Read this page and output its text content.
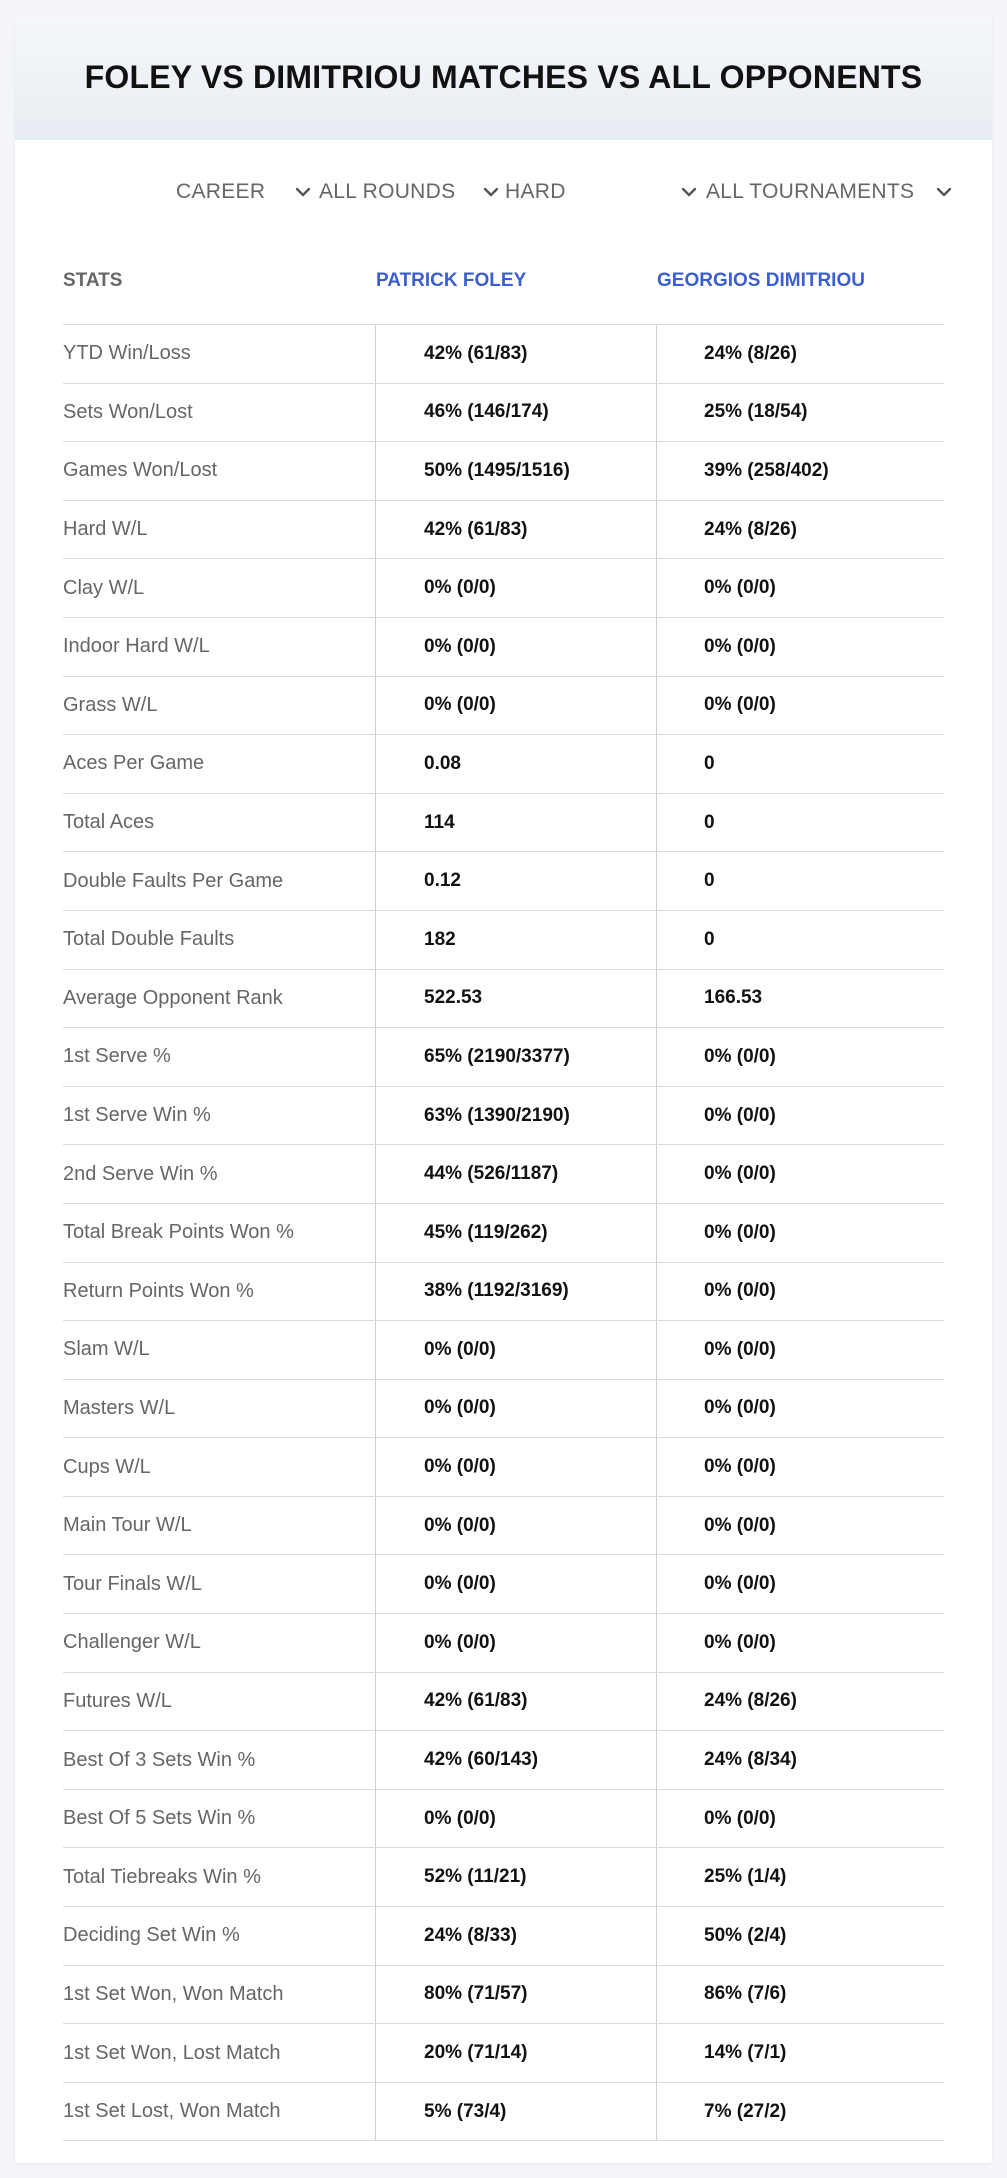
FOLEY VS DIMITRIOU MATCHES VS ALL OPPONENTS
CAREER	ALL ROUNDS HARD	ALL TOURNAMENTS
STATS	PATRICK FOLEY	GEORGIOS DIMITRIOU
YTD Win/Loss	42% (61/83)	24% (8/26)
Sets Won/Lost	46% (146/174)	25% (18/54)
Games Won/Lost	50% (1495/1516)	39% (258/402)
Hard W/L	42% (61/83)	24% (8/26)
Clay W/L	0% (0/0)	0% (0/0)
Indoor Hard W/L	0% (0/0)	0% (0/0)
Grass W/L	0% (0/0)	0% (0/0)
Aces Per Game	0.08	0
Total Aces	114	0
Double Faults Per Game	0.12	0
Total Double Faults	182	0
Average Opponent Rank	522.53	166.53
1st Serve %	65% (2190/3377)	0% (0/0)
1st Serve Win %	63% (1390/2190)	0% (0/0)
2nd Serve Win %	44% (526/1187)	0% (0/0)
Total Break Points Won %	45% (119/262)	0% (0/0)
Return Points Won %	38% (1192/3169)	0% (0/0)
Slam W/L	0% (0/0)	0% (0/0)
Masters W/L	0% (0/0)	0% (0/0)
Cups W/L	0% (0/0)	0% (0/0)
Main Tour W/L	0% (0/0)	0% (0/0)
Tour Finals W/L	0% (0/0)	0% (0/0)
Challenger W/L	0% (0/0)	0% (0/0)
Futures W/L	42% (61/83)	24% (8/26)
Best Of 3 Sets Win %	42% (60/143)	24% (8/34)
Best Of 5 Sets Win %	0% (0/0)	0% (0/0)
Total Tiebreaks Win %	52% (11/21)	25% (1/4)
Deciding Set Win %	24% (8/33)	50% (2/4)
1st Set Won, Won Match	80% (71/57)	86% (7/6)
1st Set Won, Lost Match	20% (71/14)	14% (7/1)
1st Set Lost, Won Match	5% (73/4)	7% (27/2)
